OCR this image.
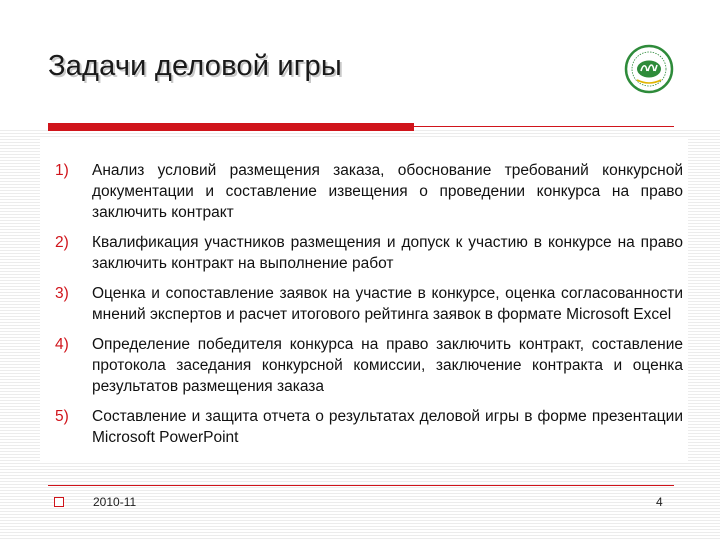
Задачи деловой игры
1) Анализ условий размещения заказа, обоснование требований конкурсной документации и составление извещения о проведении конкурса на право заключить контракт
2) Квалификация участников размещения и допуск к участию в конкурсе на право заключить контракт на выполнение работ
3) Оценка и сопоставление заявок на участие в конкурсе, оценка согласованности мнений экспертов и расчет итогового рейтинга заявок в формате Microsoft Excel
4) Определение победителя конкурса на право заключить контракт, составление протокола заседания конкурсной комиссии, заключение контракта и оценка результатов размещения заказа
5) Составление и защита отчета о результатах деловой игры в форме презентации Microsoft PowerPoint
2010-11	4
